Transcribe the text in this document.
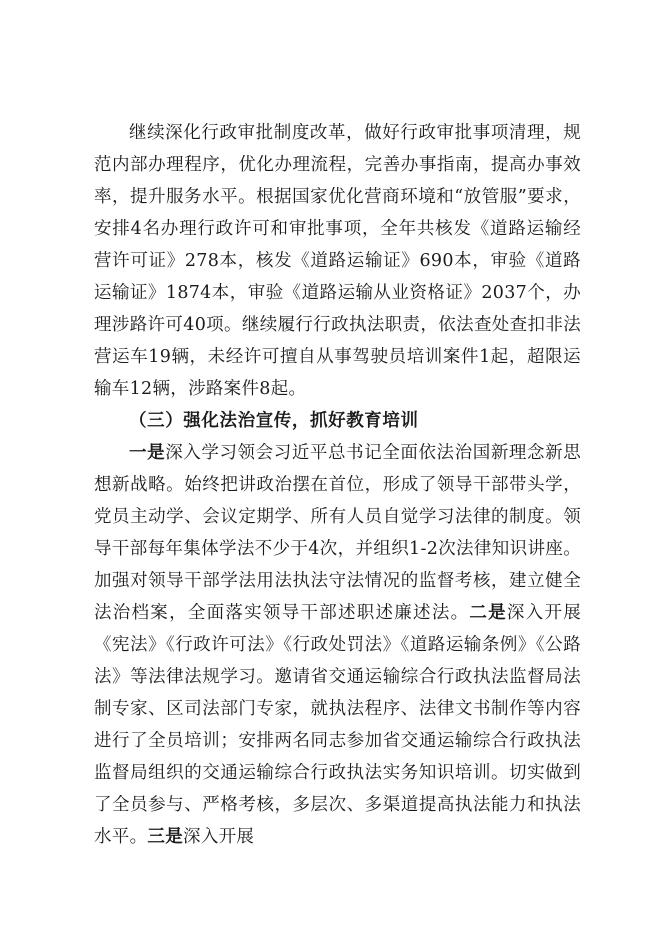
继续深化行政审批制度改革，做好行政审批事项清理，规范内部办理程序，优化办理流程，完善办事指南，提高办事效率，提升服务水平。根据国家优化营商环境和“放管服”要求，安排4名办理行政许可和审批事项，全年共核发《道路运输经营许可证》278本，核发《道路运输证》690本，审验《道路运输证》1874本，审验《道路运输从业资格证》2037个，办理涉路许可40项。继续履行行政执法职责，依法查处查扣非法营运车19辆，未经许可擅自从事驾驶员培训案件1起，超限运输车12辆，涉路案件8起。

（三）强化法治宣传，抓好教育培训

一是深入学习领会习近平总书记全面依法治国新理念新思想新战略。始终把讲政治摆在首位，形成了领导干部带头学，党员主动学、会议定期学、所有人员自觉学习法律的制度。领导干部每年集体学法不少于4次，并组织1-2次法律知识讲座。加强对领导干部学法用法执法守法情况的监督考核，建立健全法治档案，全面落实领导干部述职述廉述法。二是深入开展 《宪法》《行政许可法》《行政处罚法》《道路运输条例》《公路法》等法律法规学习。邀请省交通运输综合行政执法监督局法制专家、区司法部门专家，就执法程序、法律文书制作等内容进行了全员培训；安排两名同志参加省交通运输综合行政执法监督局组织的交通运输综合行政执法实务知识培训。切实做到了全员参与、严格考核，多层次、多渠道提高执法能力和执法水平。三是深入开展
